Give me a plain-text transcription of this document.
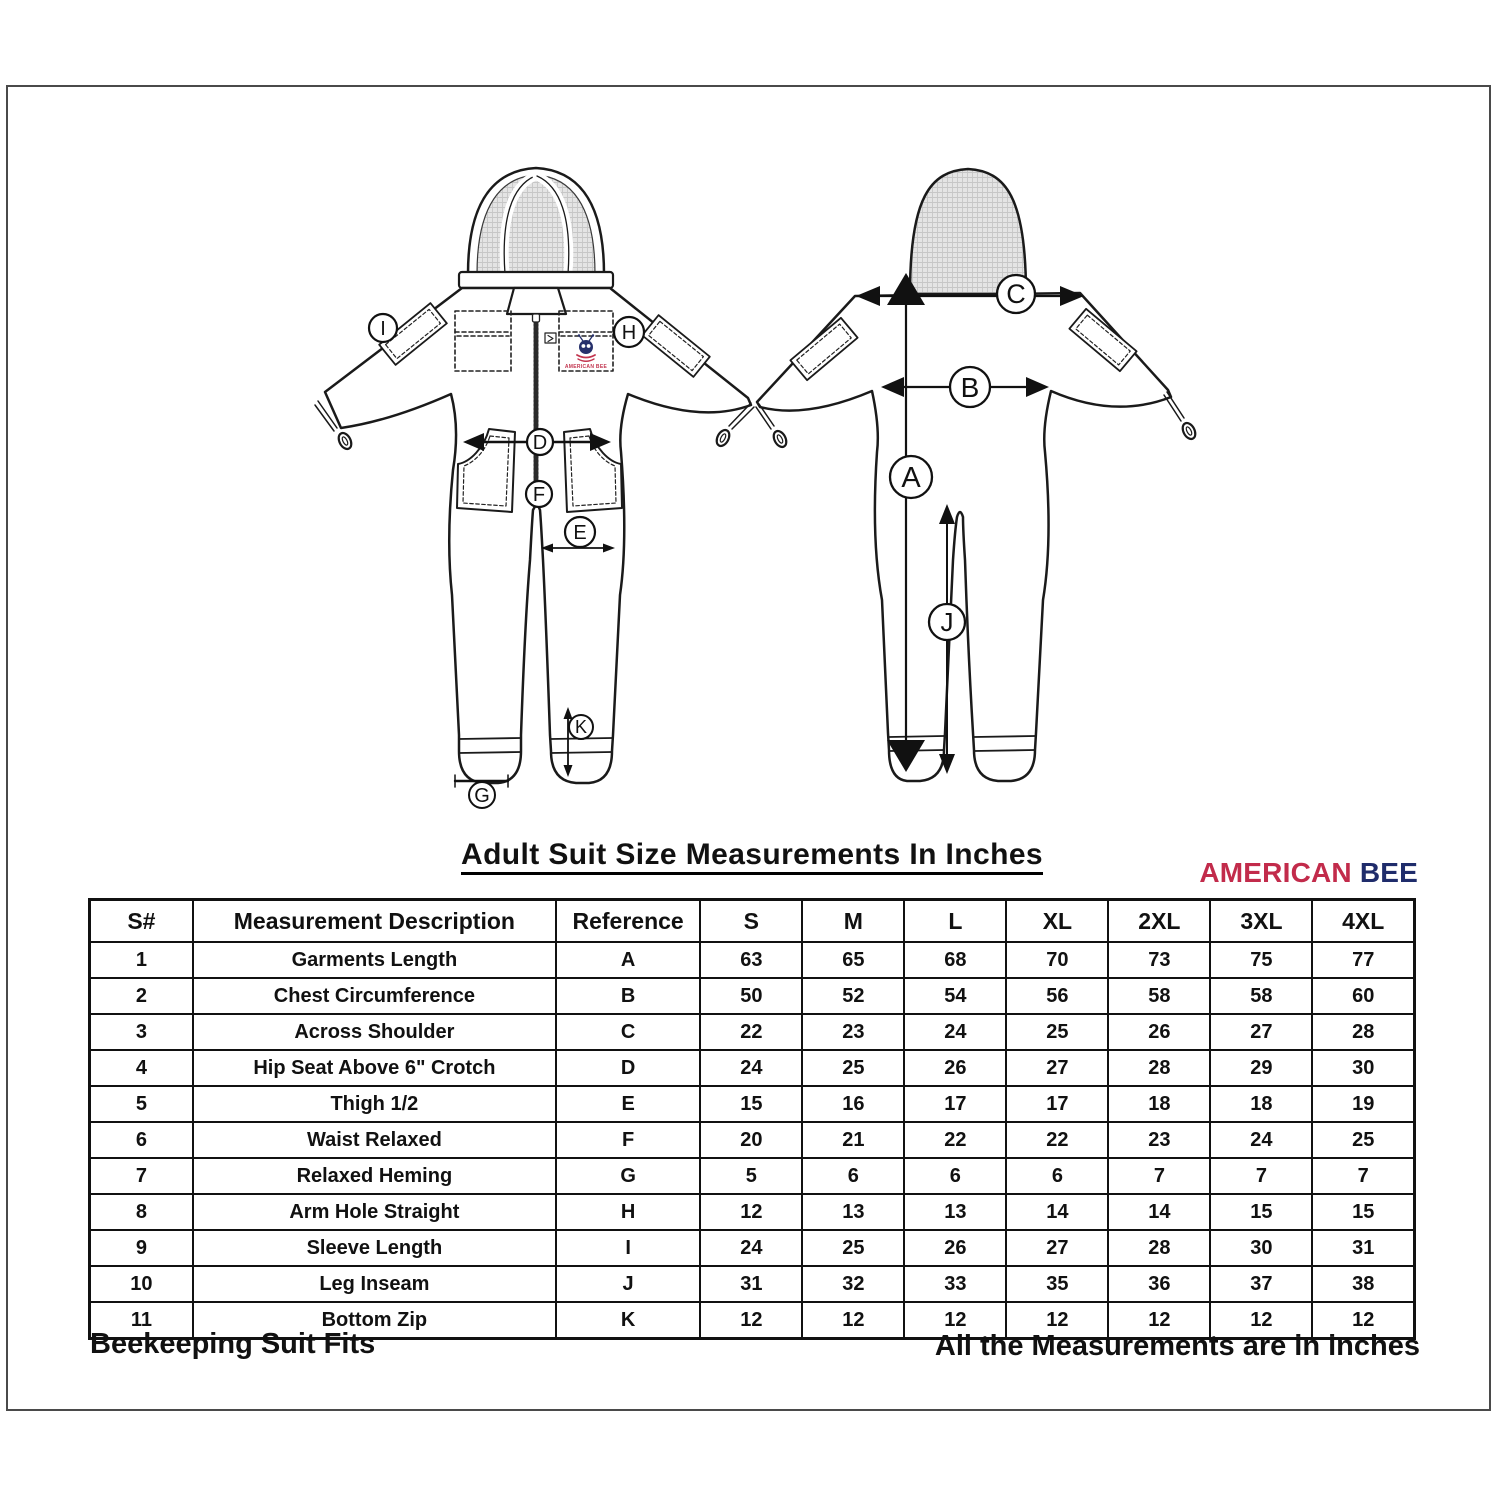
AMERICAN BEE
I	H
D
F
E
K
G
C
B
A
J
Adult Suit Size Measurements In Inches
AMERICAN BEE
S#	Measurement Description	Reference	S	M	L	XL	2XL	3XL	4XL
1	Garments Length	A	63	65	68	70	73	75	77
2	Chest Circumference	B	50	52	54	56	58	58	60
3	Across Shoulder	C	22	23	24	25	26	27	28
4	Hip Seat Above 6" Crotch	D	24	25	26	27	28	29	30
5	Thigh 1/2	E	15	16	17	17	18	18	19
6	Waist Relaxed	F	20	21	22	22	23	24	25
7	Relaxed Heming	G	5	6	6	6	7	7	7
8	Arm Hole Straight	H	12	13	13	14	14	15	15
9	Sleeve Length	I	24	25	26	27	28	30	31
10	Leg Inseam	J	31	32	33	35	36	37	38
11	Bottom Zip	K	12	12	12	12	12	12	12
Beekeeping Suit Fits	All the Measurements are in inches
